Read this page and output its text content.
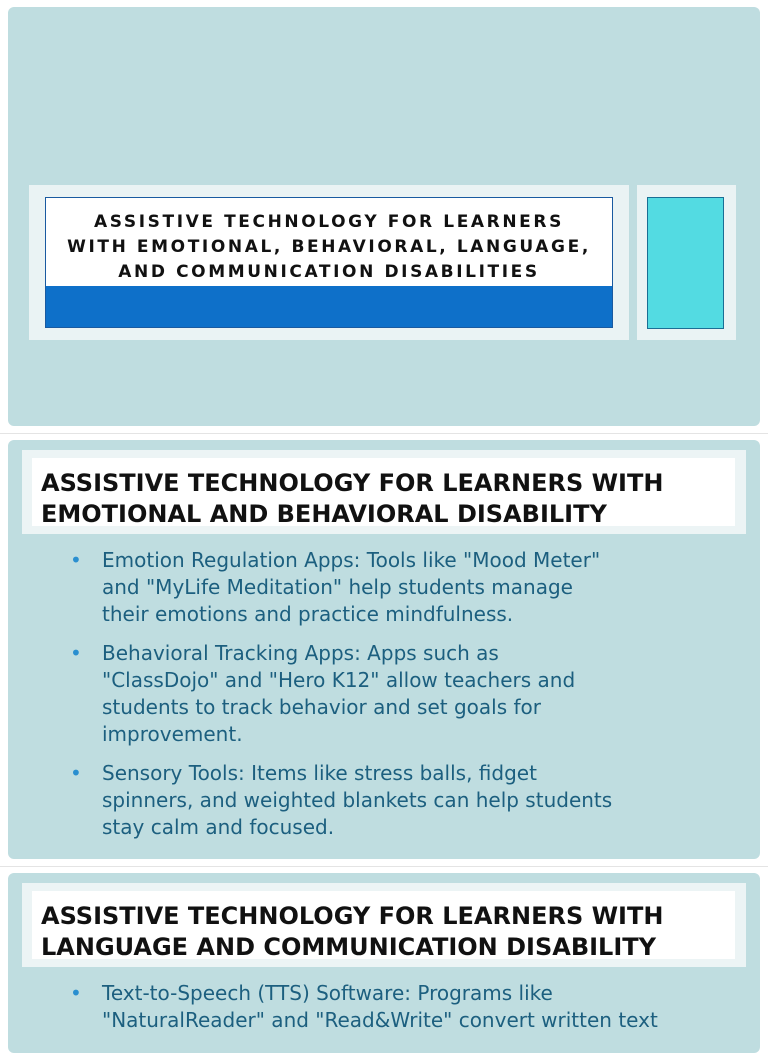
ASSISTIVE TECHNOLOGY FOR LEARNERS
WITH EMOTIONAL, BEHAVIORAL, LANGUAGE,
AND COMMUNICATION DISABILITIES
ASSISTIVE TECHNOLOGY FOR LEARNERS WITH
EMOTIONAL AND BEHAVIORAL DISABILITY
• Emotion Regulation Apps: Tools like "Mood Meter"
and "MyLife Meditation" help students manage
their emotions and practice mindfulness.
• Behavioral Tracking Apps: Apps such as
"ClassDojo" and "Hero K12" allow teachers and
students to track behavior and set goals for
improvement.
• Sensory Tools: Items like stress balls, fidget
spinners, and weighted blankets can help students
stay calm and focused.
ASSISTIVE TECHNOLOGY FOR LEARNERS WITH
LANGUAGE AND COMMUNICATION DISABILITY
• Text-to-Speech (TTS) Software: Programs like
"NaturalReader" and "Read&Write" convert written text
